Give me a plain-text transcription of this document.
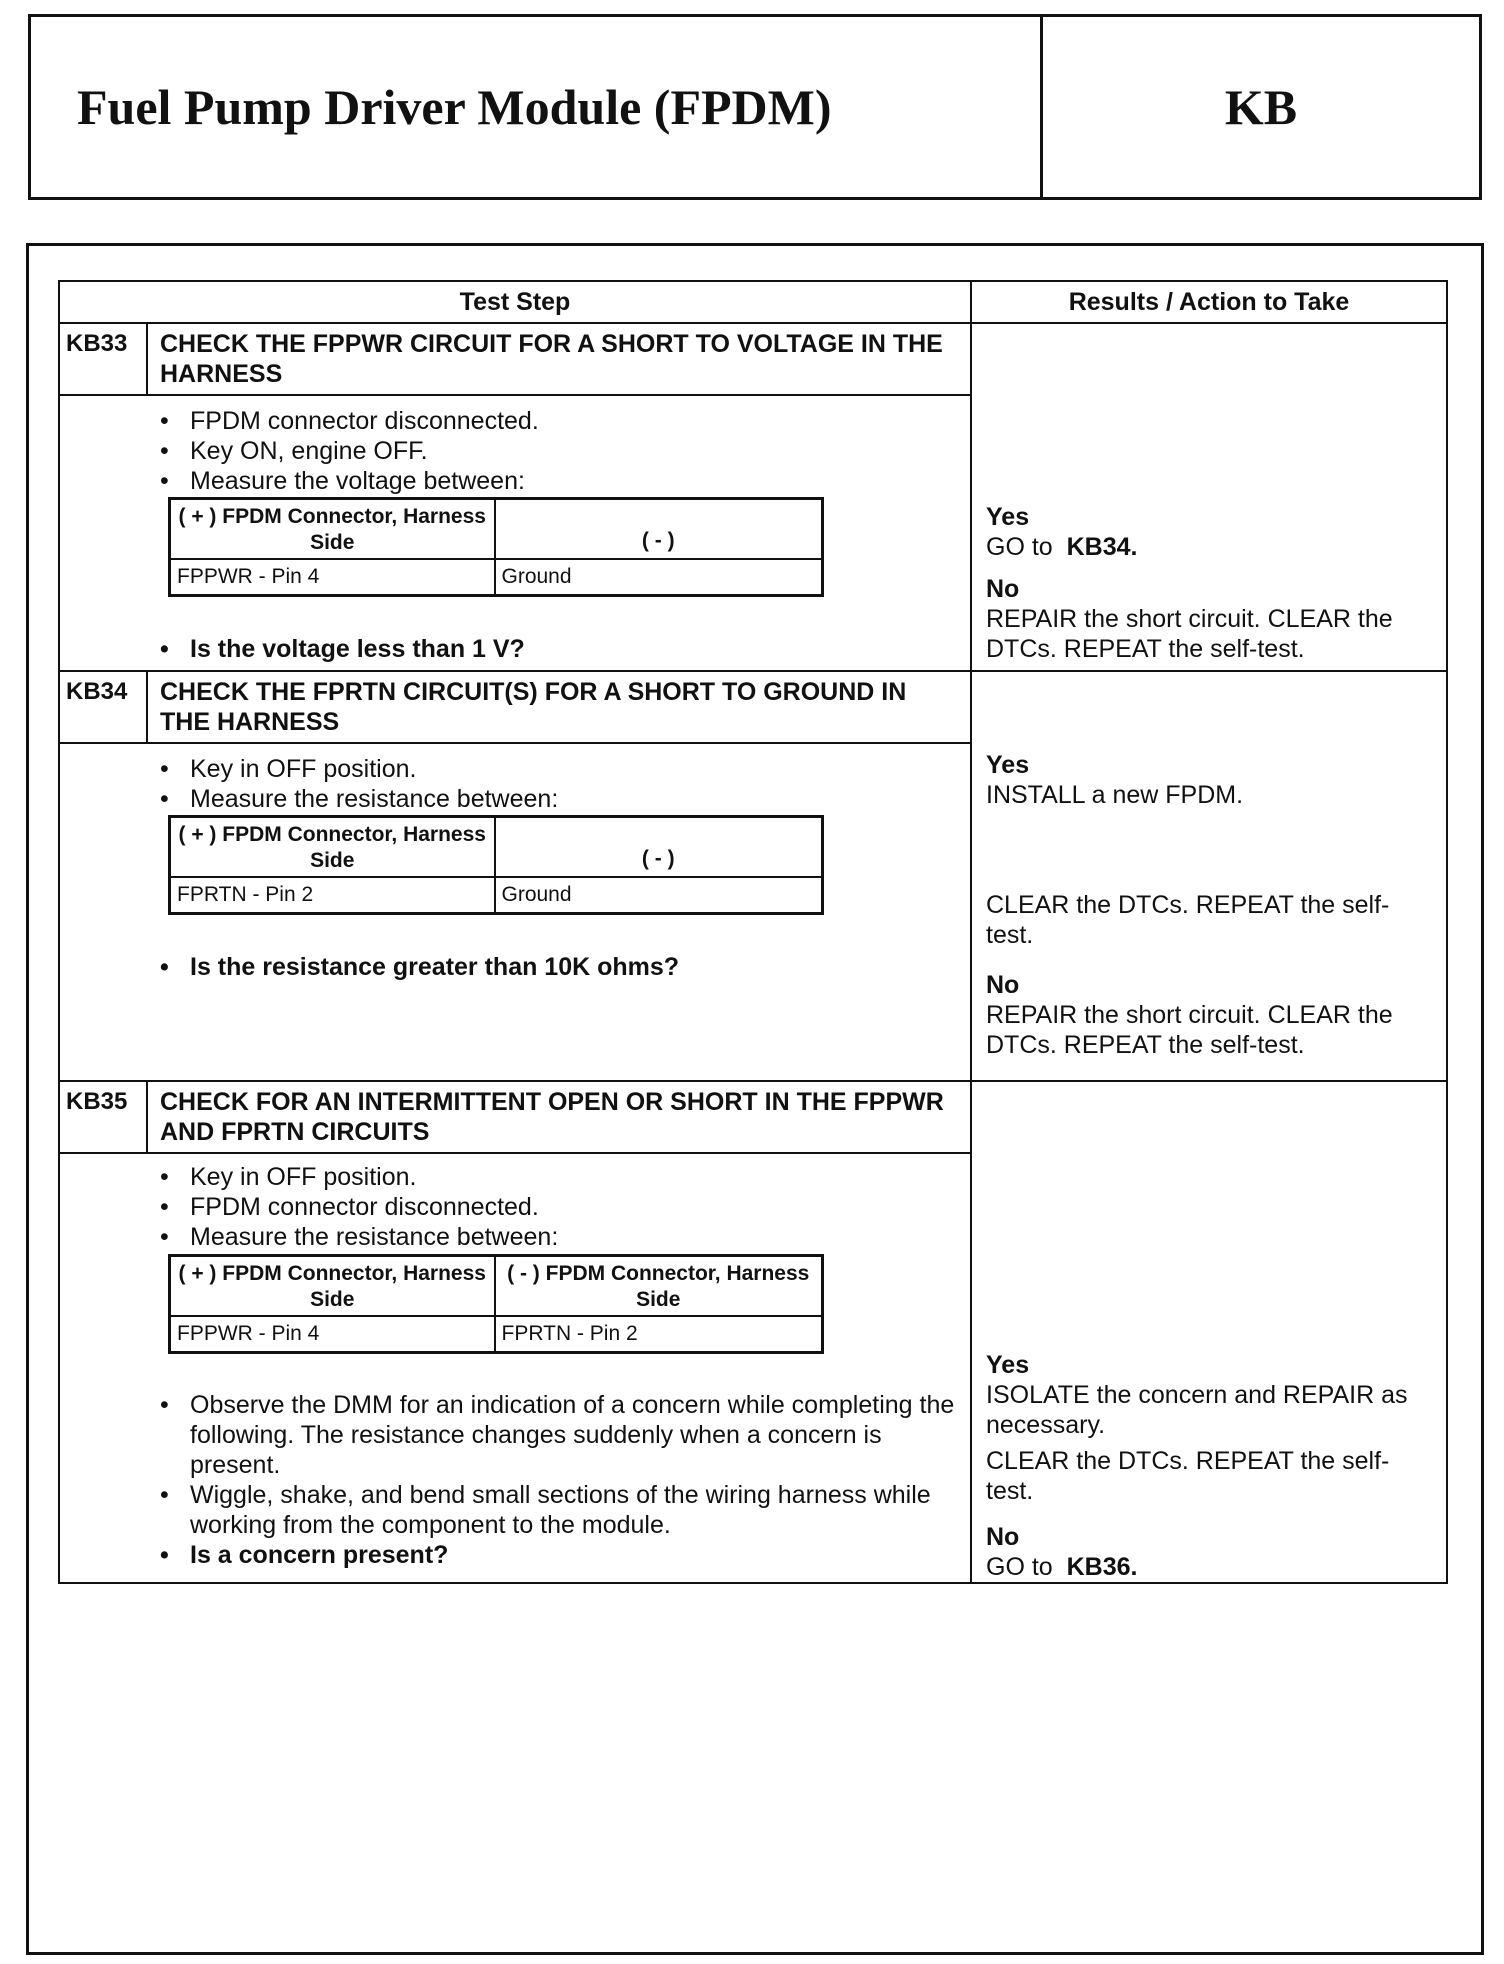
Fuel Pump Driver Module (FPDM)	KB
Test Step	Results / Action to Take
KB33	CHECK THE FPPWR CIRCUIT FOR A SHORT TO VOLTAGE IN THE HARNESS
• FPDM connector disconnected.
• Key ON, engine OFF.
• Measure the voltage between:
( + ) FPDM Connector, Harness Side	( - )
FPPWR - Pin 4	Ground
• Is the voltage less than 1 V?
Yes
GO to KB34.
No
REPAIR the short circuit. CLEAR the DTCs. REPEAT the self-test.
KB34	CHECK THE FPRTN CIRCUIT(S) FOR A SHORT TO GROUND IN THE HARNESS
• Key in OFF position.
• Measure the resistance between:
( + ) FPDM Connector, Harness Side	( - )
FPRTN - Pin 2	Ground
• Is the resistance greater than 10K ohms?
Yes
INSTALL a new FPDM.
CLEAR the DTCs. REPEAT the self-test.
No
REPAIR the short circuit. CLEAR the DTCs. REPEAT the self-test.
KB35	CHECK FOR AN INTERMITTENT OPEN OR SHORT IN THE FPPWR AND FPRTN CIRCUITS
• Key in OFF position.
• FPDM connector disconnected.
• Measure the resistance between:
( + ) FPDM Connector, Harness Side	( - ) FPDM Connector, Harness Side
FPPWR - Pin 4	FPRTN - Pin 2
• Observe the DMM for an indication of a concern while completing the following. The resistance changes suddenly when a concern is present.
• Wiggle, shake, and bend small sections of the wiring harness while working from the component to the module.
• Is a concern present?
Yes
ISOLATE the concern and REPAIR as necessary.
CLEAR the DTCs. REPEAT the self-test.
No
GO to KB36.
